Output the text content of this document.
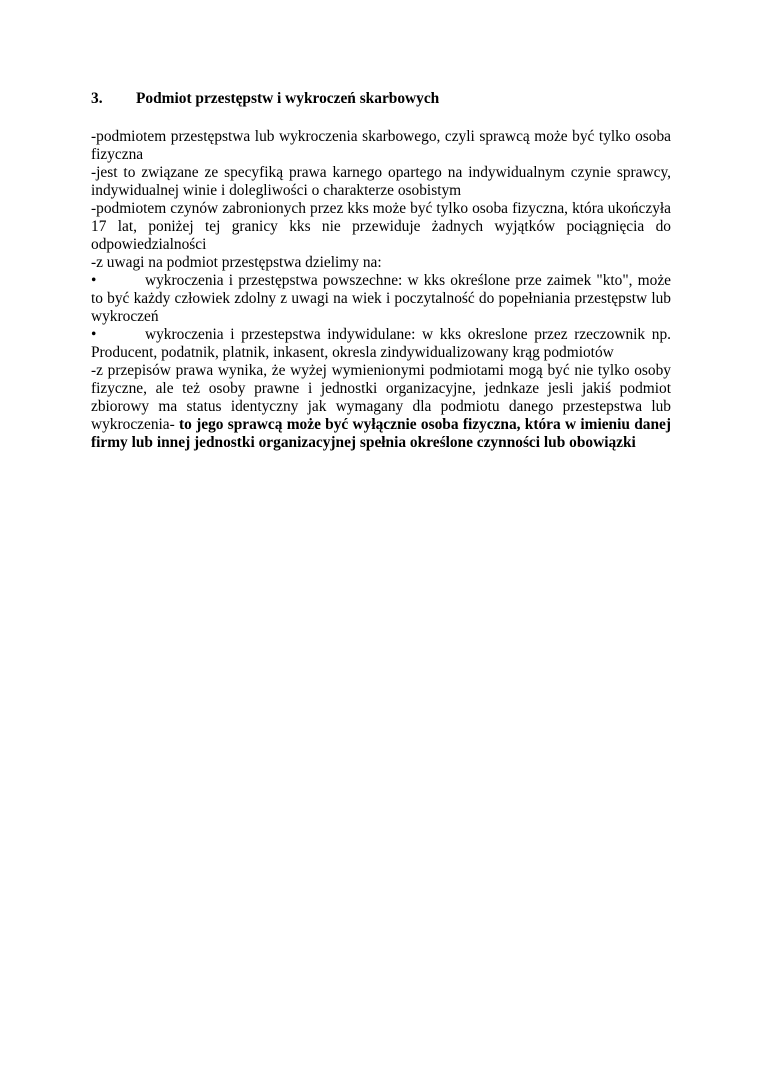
3.	Podmiot przestępstw i wykroczeń skarbowych

-podmiotem przestępstwa lub wykroczenia skarbowego, czyli sprawcą może być tylko osoba fizyczna

-jest to związane ze specyfiką prawa karnego opartego na indywidualnym czynie sprawcy, indywidualnej winie i dolegliwości o charakterze osobistym

-podmiotem czynów zabronionych przez kks może być tylko osoba fizyczna, która ukończyła 17 lat, poniżej tej granicy kks nie przewiduje żadnych wyjątków pociągnięcia do odpowiedzialności

-z uwagi na podmiot przestępstwa dzielimy na:

•	wykroczenia i przestępstwa powszechne: w kks określone prze zaimek "kto", może to być każdy człowiek zdolny z uwagi na wiek i poczytalność do popełniania przestępstw lub wykroczeń

•	wykroczenia i przestepstwa indywidulane: w kks okreslone przez rzeczownik np. Producent, podatnik, platnik, inkasent, okresla zindywidualizowany krąg podmiotów

-z przepisów prawa wynika, że wyżej wymienionymi podmiotami mogą być nie tylko osoby fizyczne, ale też osoby prawne i jednostki organizacyjne, jednkaze jesli jakiś podmiot zbiorowy ma status identyczny jak wymagany dla podmiotu danego przestepstwa lub wykroczenia- to jego sprawcą może być wyłącznie osoba fizyczna, która w imieniu danej firmy lub innej jednostki organizacyjnej spełnia określone czynności lub obowiązki
